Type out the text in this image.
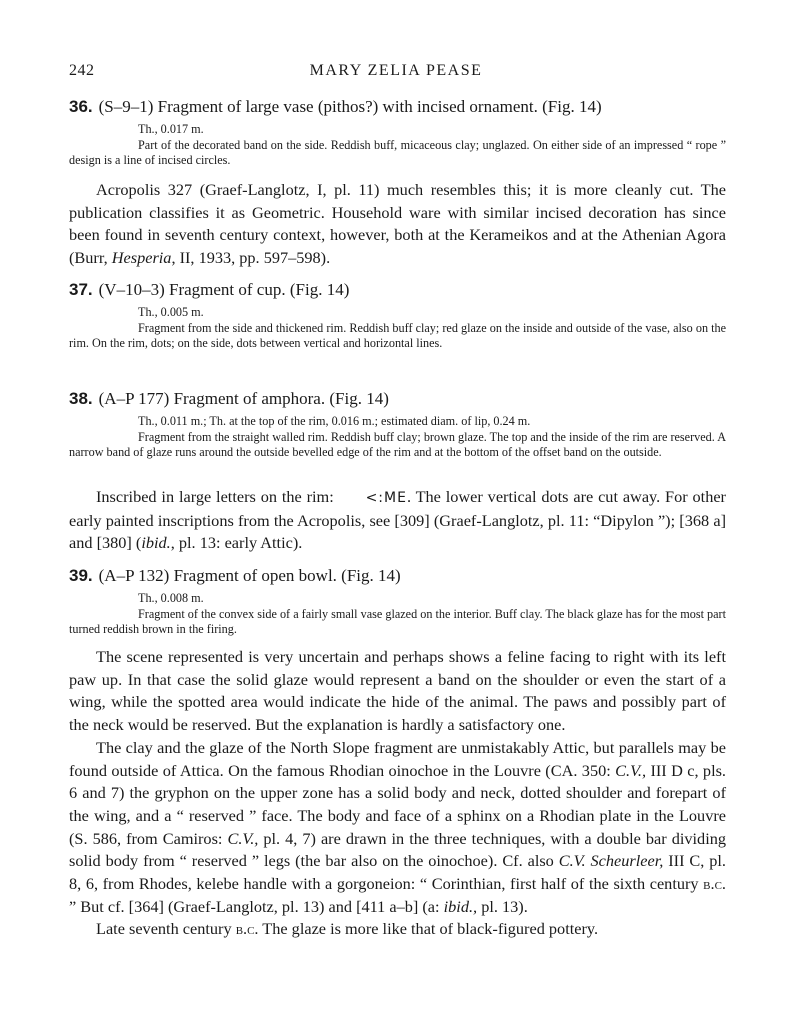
242	MARY ZELIA PEASE
36. (S–9–1) Fragment of large vase (pithos?) with incised ornament. (Fig. 14)
Th., 0.017 m.
Part of the decorated band on the side. Reddish buff, micaceous clay; unglazed. On either side of an impressed “ rope ” design is a line of incised circles.
Acropolis 327 (Graef-Langlotz, I, pl. 11) much resembles this; it is more cleanly cut. The publication classifies it as Geometric. Household ware with similar incised decoration has since been found in seventh century context, however, both at the Kerameikos and at the Athenian Agora (Burr, Hesperia, II, 1933, pp. 597–598).
37. (V–10–3) Fragment of cup. (Fig. 14)
Th., 0.005 m.
Fragment from the side and thickened rim. Reddish buff clay; red glaze on the inside and outside of the vase, also on the rim. On the rim, dots; on the side, dots between vertical and horizontal lines.
38. (A–P 177) Fragment of amphora. (Fig. 14)
Th., 0.011 m.; Th. at the top of the rim, 0.016 m.; estimated diam. of lip, 0.24 m.
Fragment from the straight walled rim. Reddish buff clay; brown glaze. The top and the inside of the rim are reserved. A narrow band of glaze runs around the outside bevelled edge of the rim and at the bottom of the offset band on the outside.
Inscribed in large letters on the rim: <:ME. The lower vertical dots are cut away. For other early painted inscriptions from the Acropolis, see [309] (Graef-Langlotz, pl. 11: “Dipylon ”); [368 a] and [380] (ibid., pl. 13: early Attic).
39. (A–P 132) Fragment of open bowl. (Fig. 14)
Th., 0.008 m.
Fragment of the convex side of a fairly small vase glazed on the interior. Buff clay. The black glaze has for the most part turned reddish brown in the firing.
The scene represented is very uncertain and perhaps shows a feline facing to right with its left paw up. In that case the solid glaze would represent a band on the shoulder or even the start of a wing, while the spotted area would indicate the hide of the animal. The paws and possibly part of the neck would be reserved. But the explanation is hardly a satisfactory one.
The clay and the glaze of the North Slope fragment are unmistakably Attic, but parallels may be found outside of Attica. On the famous Rhodian oinochoe in the Louvre (CA. 350: C.V., III D c, pls. 6 and 7) the gryphon on the upper zone has a solid body and neck, dotted shoulder and forepart of the wing, and a “ reserved ” face. The body and face of a sphinx on a Rhodian plate in the Louvre (S. 586, from Camiros: C.V., pl. 4, 7) are drawn in the three techniques, with a double bar dividing solid body from “ reserved ” legs (the bar also on the oinochoe). Cf. also C.V. Scheurleer, III C, pl. 8, 6, from Rhodes, kelebe handle with a gorgoneion: “ Corinthian, first half of the sixth century b.c. ” But cf. [364] (Graef-Langlotz, pl. 13) and [411 a–b] (a: ibid., pl. 13).
Late seventh century b.c. The glaze is more like that of black-figured pottery.
